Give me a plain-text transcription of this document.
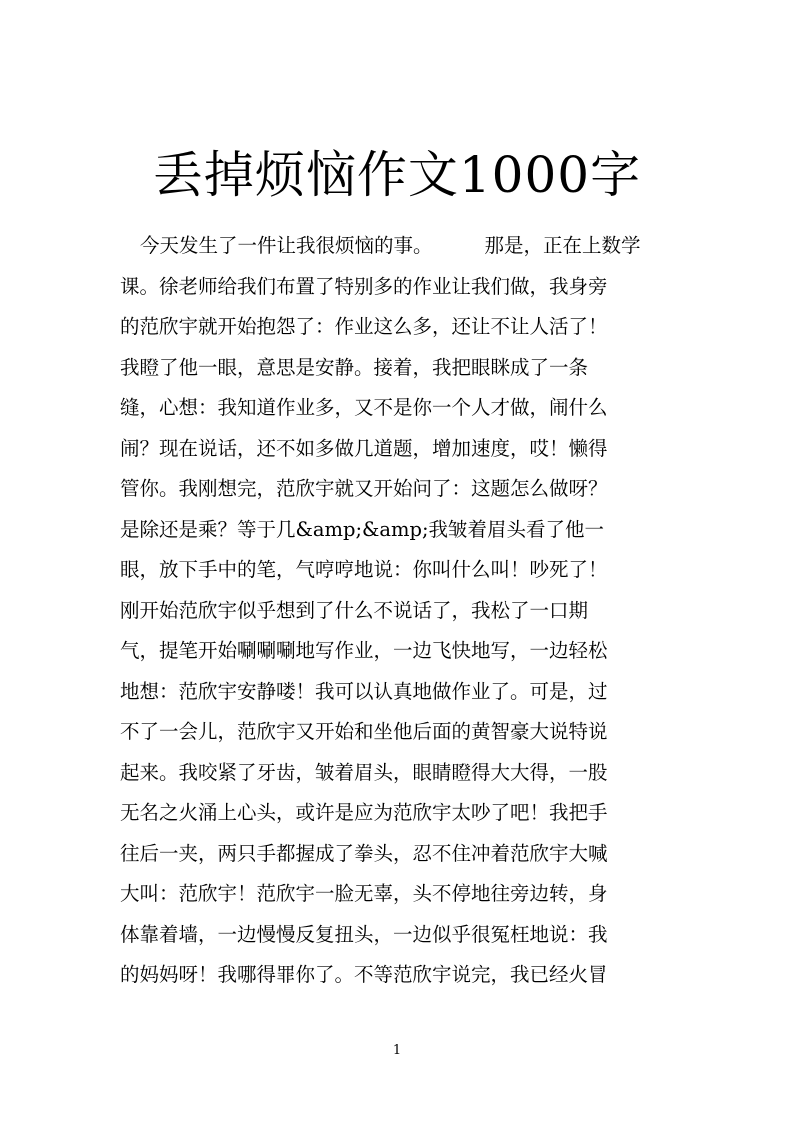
丢掉烦恼作文1000字
今天发生了一件让我很烦恼的事。	那是，正在上数学
课。徐老师给我们布置了特别多的作业让我们做，我身旁
的范欣宇就开始抱怨了：作业这么多，还让不让人活了！
我瞪了他一眼，意思是安静。接着，我把眼眯成了一条
缝，心想：我知道作业多，又不是你一个人才做，闹什么
闹？现在说话，还不如多做几道题，增加速度，哎！懒得
管你。我刚想完，范欣宇就又开始问了：这题怎么做呀？
是除还是乘？等于几&amp;&amp;我皱着眉头看了他一
眼，放下手中的笔，气哼哼地说：你叫什么叫！吵死了！
刚开始范欣宇似乎想到了什么不说话了，我松了一口期
气，提笔开始唰唰唰地写作业，一边飞快地写，一边轻松
地想：范欣宇安静喽！我可以认真地做作业了。可是，过
不了一会儿，范欣宇又开始和坐他后面的黄智豪大说特说
起来。我咬紧了牙齿，皱着眉头，眼睛瞪得大大得，一股
无名之火涌上心头，或许是应为范欣宇太吵了吧！我把手
往后一夹，两只手都握成了拳头，忍不住冲着范欣宇大喊
大叫：范欣宇！范欣宇一脸无辜，头不停地往旁边转，身
体靠着墙，一边慢慢反复扭头，一边似乎很冤枉地说：我
的妈妈呀！我哪得罪你了。不等范欣宇说完，我已经火冒
1
